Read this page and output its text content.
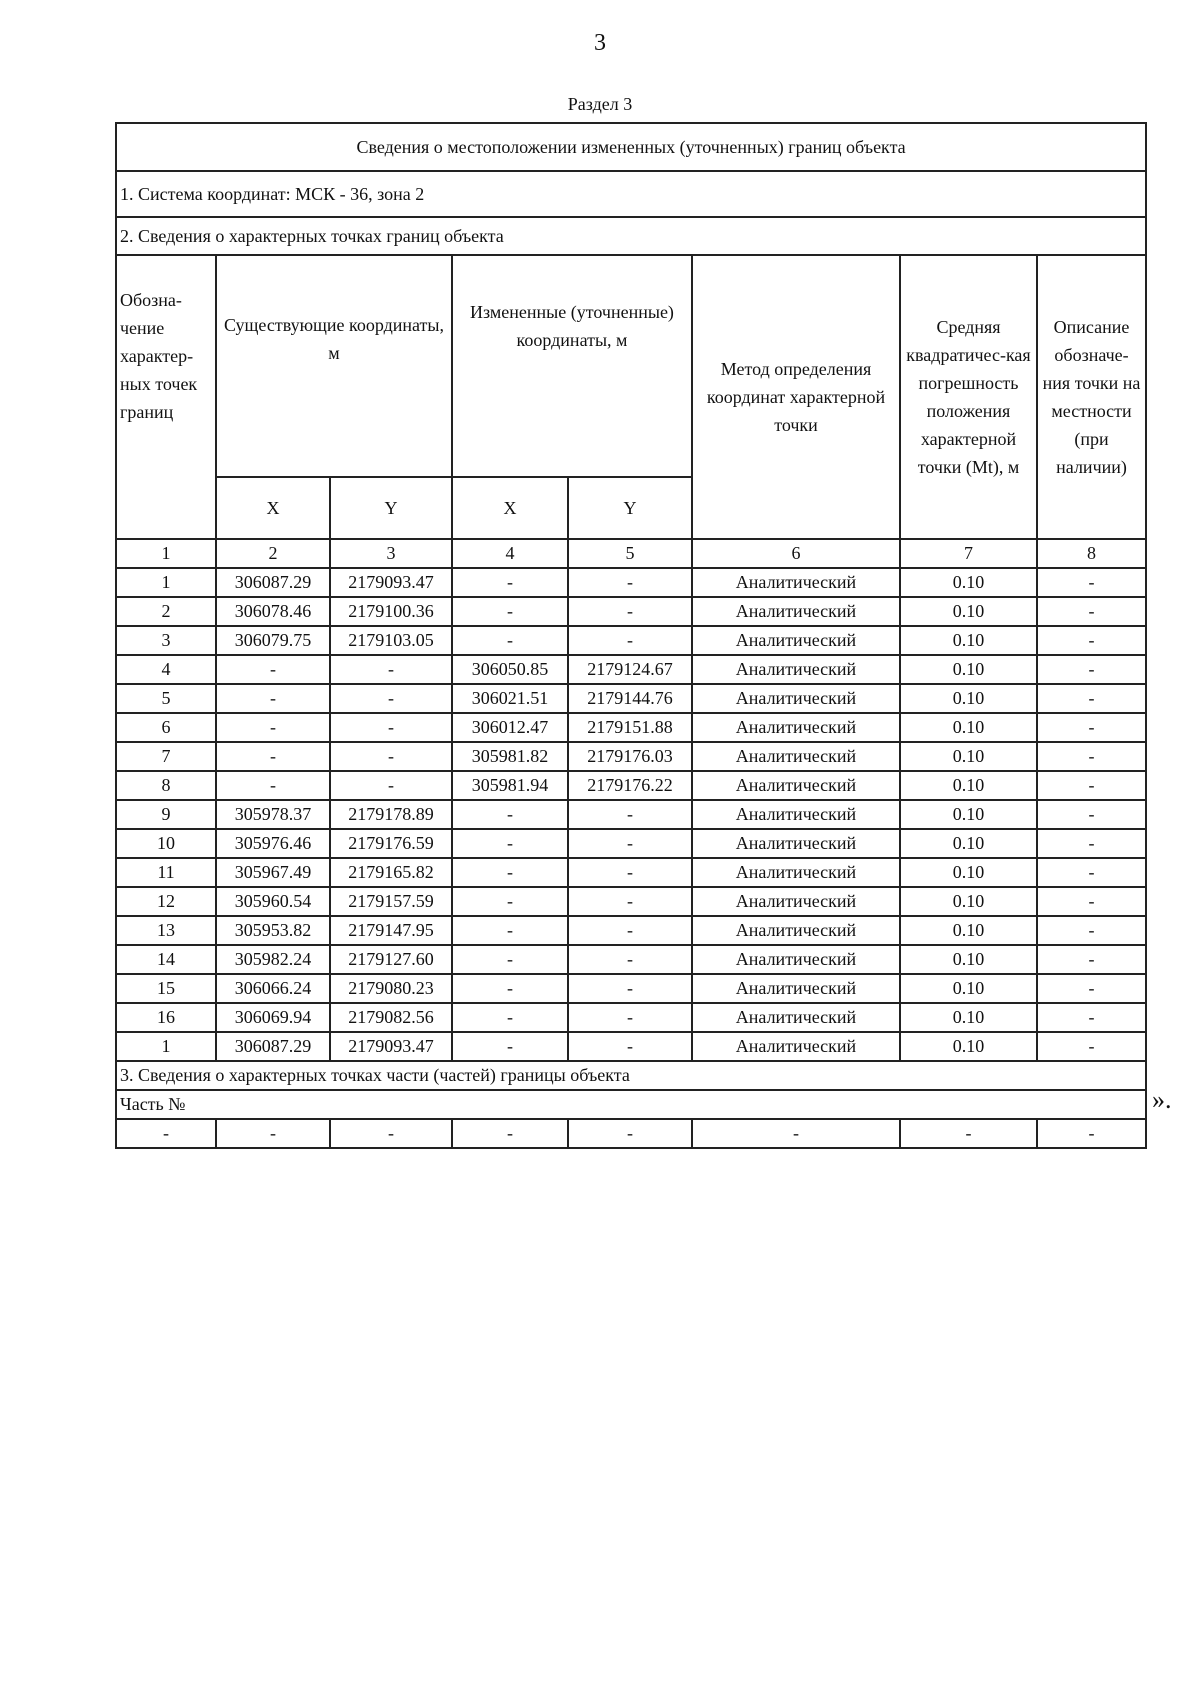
3
Раздел 3
Сведения о местоположении измененных (уточненных) границ объекта							
1. Система координат: МСК - 36, зона 2							
2. Сведения о характерных точках границ объекта							
Обозна-чение характер-ных точек границ	Существующие координаты, м		Измененные (уточненные) координаты, м		Метод определения координат характерной точки	Средняя квадратичес-кая погрешность положения характерной точки (Mt), м	Описание обозначе-ния точки на местности (при наличии)
	X	Y	X	Y			
1	2	3	4	5	6	7	8
1	306087.29	2179093.47	-	-	Аналитический	0.10	-
2	306078.46	2179100.36	-	-	Аналитический	0.10	-
3	306079.75	2179103.05	-	-	Аналитический	0.10	-
4	-	-	306050.85	2179124.67	Аналитический	0.10	-
5	-	-	306021.51	2179144.76	Аналитический	0.10	-
6	-	-	306012.47	2179151.88	Аналитический	0.10	-
7	-	-	305981.82	2179176.03	Аналитический	0.10	-
8	-	-	305981.94	2179176.22	Аналитический	0.10	-
9	305978.37	2179178.89	-	-	Аналитический	0.10	-
10	305976.46	2179176.59	-	-	Аналитический	0.10	-
11	305967.49	2179165.82	-	-	Аналитический	0.10	-
12	305960.54	2179157.59	-	-	Аналитический	0.10	-
13	305953.82	2179147.95	-	-	Аналитический	0.10	-
14	305982.24	2179127.60	-	-	Аналитический	0.10	-
15	306066.24	2179080.23	-	-	Аналитический	0.10	-
16	306069.94	2179082.56	-	-	Аналитический	0.10	-
1	306087.29	2179093.47	-	-	Аналитический	0.10	-
3. Сведения о характерных точках части (частей) границы объекта							
Часть №							
-	-	-	-	-	-	-	-
».
